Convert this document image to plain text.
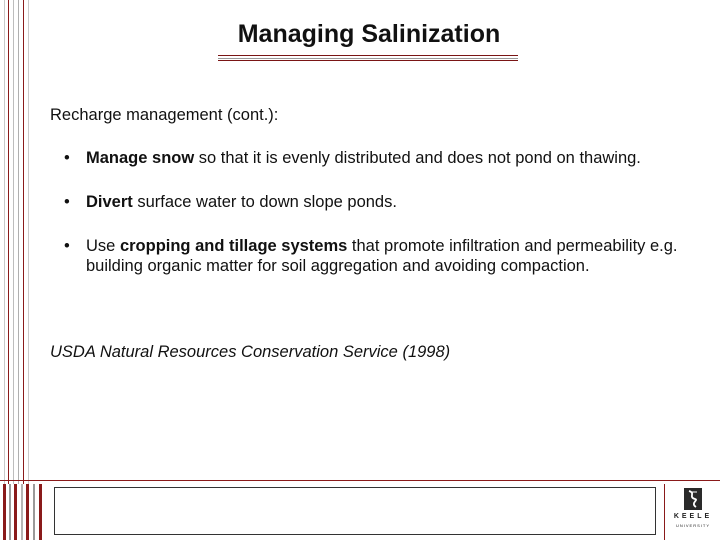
Managing Salinization
Recharge management (cont.):
• Manage snow so that it is evenly distributed and does not pond on thawing.
• Divert surface water to down slope ponds.
• Use cropping and tillage systems that promote infiltration and permeability e.g. building organic matter for soil aggregation and avoiding compaction.
USDA Natural Resources Conservation Service (1998)
KEELE
UNIVERSITY
